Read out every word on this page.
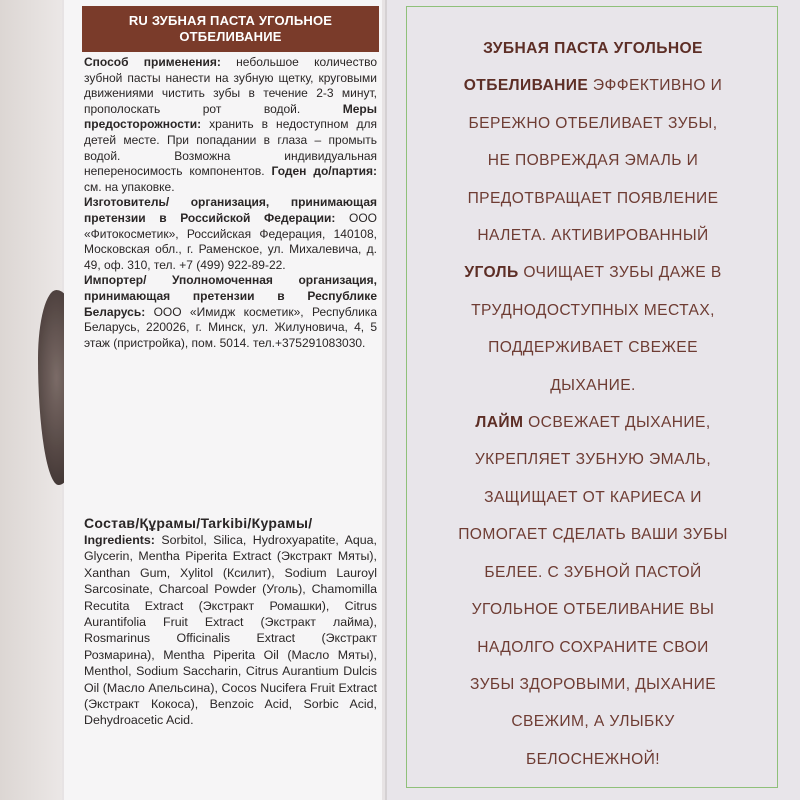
RU ЗУБНАЯ ПАСТА УГОЛЬНОЕ
ОТБЕЛИВАНИЕ

Способ применения: небольшое количество зубной пасты нанести на зубную щетку, круговыми движениями чистить зубы в течение 2-3 минут, прополоскать рот водой.	Меры предосторожности: хранить в недоступном для детей месте. При попадании в глаза – промыть водой. Возможна индивидуальная непереносимость компонентов. Годен до/партия: см. на упаковке.

Изготовитель/ организация, принимающая претензии в Российской Федерации: ООО «Фитокосметик», Российская Федерация, 140108, Московская обл., г. Раменское, ул. Михалевича, д. 49, оф. 310, тел. +7 (499) 922-89-22.

Импортер/ Уполномоченная организация, принимающая претензии в Республике Беларусь: ООО «Имидж косметик», Республика Беларусь, 220026, г. Минск, ул. Жилуновича, 4, 5 этаж (пристройка), пом. 5014. тел.+375291083030.

Состав/Құрамы/Tarkibi/Курамы/
Ingredients: Sorbitol, Silica, Hydroxyapatite, Aqua, Glycerin, Mentha Piperita Extract (Экстракт Мяты), Xanthan Gum, Xylitol (Ксилит), Sodium Lauroyl Sarcosinate, Charcoal Powder (Уголь), Chamomilla Recutita Extract (Экстракт Ромашки), Citrus Aurantifolia Fruit Extract (Экстракт лайма), Rosmarinus Officinalis Extract (Экстракт Розмарина), Mentha Piperita Oil (Масло Мяты), Menthol, Sodium Saccharin, Citrus Aurantium Dulcis Oil (Масло Апельсина), Cocos Nucifera Fruit Extract (Экстракт Кокоса), Benzoic Acid, Sorbic Acid, Dehydroacetic Acid.
ЗУБНАЯ ПАСТА УГОЛЬНОЕ
ОТБЕЛИВАНИЕ ЭФФЕКТИВНО И
БЕРЕЖНО ОТБЕЛИВАЕТ ЗУБЫ,
НЕ ПОВРЕЖДАЯ ЭМАЛЬ И
ПРЕДОТВРАЩАЕТ ПОЯВЛЕНИЕ
НАЛЕТА. АКТИВИРОВАННЫЙ
УГОЛЬ ОЧИЩАЕТ ЗУБЫ ДАЖЕ В
ТРУДНОДОСТУПНЫХ МЕСТАХ,
ПОДДЕРЖИВАЕТ СВЕЖЕЕ
ДЫХАНИЕ.
ЛАЙМ ОСВЕЖАЕТ ДЫХАНИЕ,
УКРЕПЛЯЕТ ЗУБНУЮ ЭМАЛЬ,
ЗАЩИЩАЕТ ОТ КАРИЕСА И
ПОМОГАЕТ СДЕЛАТЬ ВАШИ ЗУБЫ
БЕЛЕЕ. С ЗУБНОЙ ПАСТОЙ
УГОЛЬНОЕ ОТБЕЛИВАНИЕ ВЫ
НАДОЛГО СОХРАНИТЕ СВОИ
ЗУБЫ ЗДОРОВЫМИ, ДЫХАНИЕ
СВЕЖИМ, А УЛЫБКУ
БЕЛОСНЕЖНОЙ!
